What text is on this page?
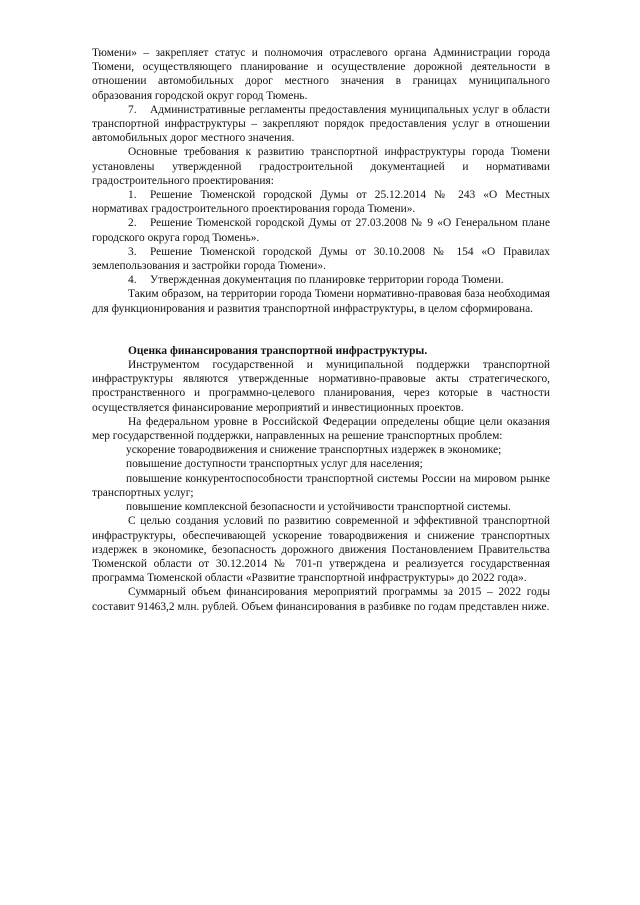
Тюмени» – закрепляет статус и полномочия отраслевого органа Администрации города Тюмени, осуществляющего планирование и осуществление дорожной деятельности в отношении автомобильных дорог местного значения в границах муниципального образования городской округ город Тюмень.

7. Административные регламенты предоставления муниципальных услуг в области транспортной инфраструктуры – закрепляют порядок предоставления услуг в отношении автомобильных дорог местного значения.

Основные требования к развитию транспортной инфраструктуры города Тюмени установлены утвержденной градостроительной документацией и нормативами градостроительного проектирования:

1. Решение Тюменской городской Думы от 25.12.2014 № 243 «О Местных нормативах градостроительного проектирования города Тюмени».

2. Решение Тюменской городской Думы от 27.03.2008 № 9 «О Генеральном плане городского округа город Тюмень».

3. Решение Тюменской городской Думы от 30.10.2008 № 154 «О Правилах землепользования и застройки города Тюмени».

4. Утвержденная документация по планировке территории города Тюмени.

Таким образом, на территории города Тюмени нормативно-правовая база необходимая для функционирования и развития транспортной инфраструктуры, в целом сформирована.

Оценка финансирования транспортной инфраструктуры.

Инструментом государственной и муниципальной поддержки транспортной инфраструктуры являются утвержденные нормативно-правовые акты стратегического, пространственного и программно-целевого планирования, через которые в частности осуществляется финансирование мероприятий и инвестиционных проектов.

На федеральном уровне в Российской Федерации определены общие цели оказания мер государственной поддержки, направленных на решение транспортных проблем:

ускорение товародвижения и снижение транспортных издержек в экономике;

повышение доступности транспортных услуг для населения;

повышение конкурентоспособности транспортной системы России на мировом рынке транспортных услуг;

повышение комплексной безопасности и устойчивости транспортной системы.

С целью создания условий по развитию современной и эффективной транспортной инфраструктуры, обеспечивающей ускорение товародвижения и снижение транспортных издержек в экономике, безопасность дорожного движения Постановлением Правительства Тюменской области от 30.12.2014 № 701-п утверждена и реализуется государственная программа Тюменской области «Развитие транспортной инфраструктуры» до 2022 года».

Суммарный объем финансирования мероприятий программы за 2015 – 2022 годы составит 91463,2 млн. рублей. Объем финансирования в разбивке по годам представлен ниже.
